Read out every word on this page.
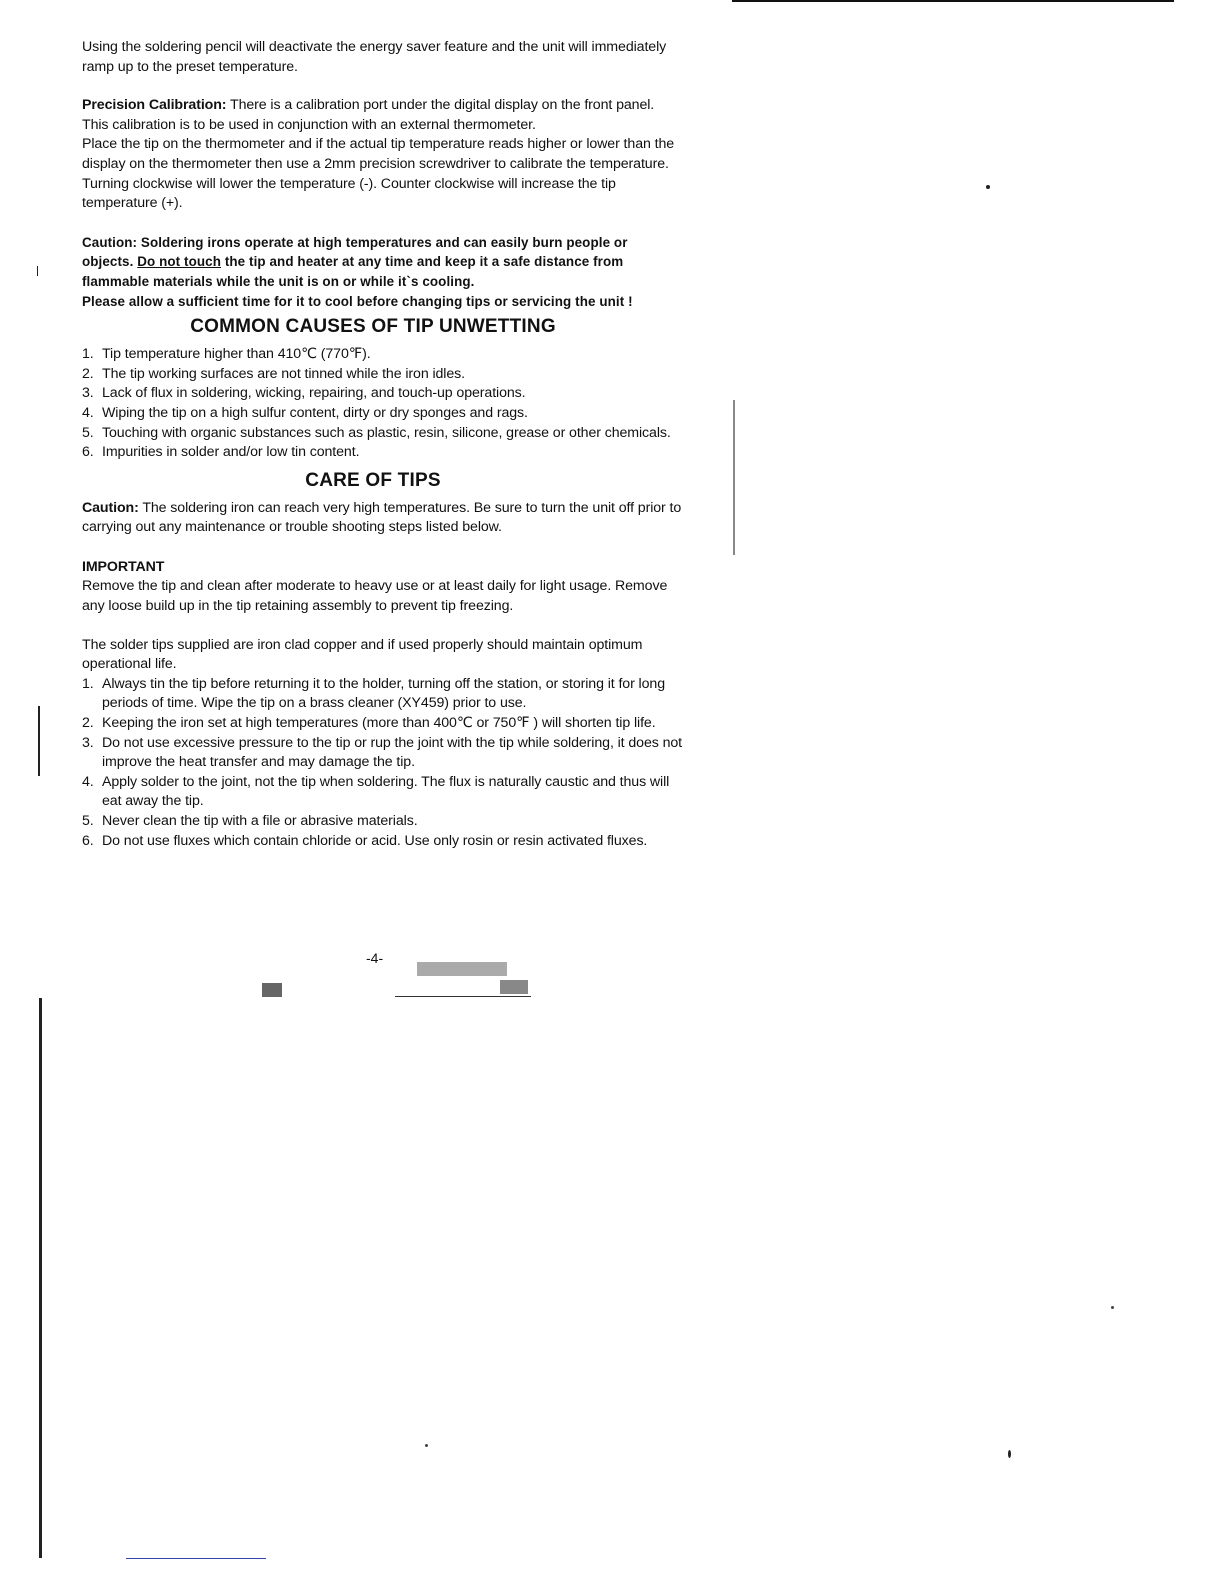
Using the soldering pencil will deactivate the energy saver feature and the unit will immediately ramp up to the preset temperature.

Precision Calibration: There is a calibration port under the digital display on the front panel. This calibration is to be used in conjunction with an external thermometer.

Place the tip on the thermometer and if the actual tip temperature reads higher or lower than the display on the thermometer then use a 2mm precision screwdriver to calibrate the temperature. Turning clockwise will lower the temperature (-). Counter clockwise will increase the tip temperature (+).

Caution: Soldering irons operate at high temperatures and can easily burn people or objects. Do not touch the tip and heater at any time and keep it a safe distance from flammable materials while the unit is on or while it`s cooling.

Please allow a sufficient time for it to cool before changing tips or servicing the unit !

COMMON CAUSES OF TIP UNWETTING
1. Tip temperature higher than 410℃ (770℉).
2. The tip working surfaces are not tinned while the iron idles.
3. Lack of flux in soldering, wicking, repairing, and touch-up operations.
4. Wiping the tip on a high sulfur content, dirty or dry sponges and rags.
5. Touching with organic substances such as plastic, resin, silicone, grease or other chemicals.
6. Impurities in solder and/or low tin content.
CARE OF TIPS

Caution: The soldering iron can reach very high temperatures. Be sure to turn the unit off prior to carrying out any maintenance or trouble shooting steps listed below.

IMPORTANT

Remove the tip and clean after moderate to heavy use or at least daily for light usage. Remove any loose build up in the tip retaining assembly to prevent tip freezing.

The solder tips supplied are iron clad copper and if used properly should maintain optimum operational life.

1. Always tin the tip before returning it to the holder, turning off the station, or storing it for long periods of time. Wipe the tip on a brass cleaner (XY459) prior to use.
2. Keeping the iron set at high temperatures (more than 400℃ or 750℉ ) will shorten tip life.
3. Do not use excessive pressure to the tip or rup the joint with the tip while soldering, it does not improve the heat transfer and may damage the tip.
4. Apply solder to the joint, not the tip when soldering. The flux is naturally caustic and thus will eat away the tip.
5. Never clean the tip with a file or abrasive materials.
6. Do not use fluxes which contain chloride or acid. Use only rosin or resin activated fluxes.
-4-
